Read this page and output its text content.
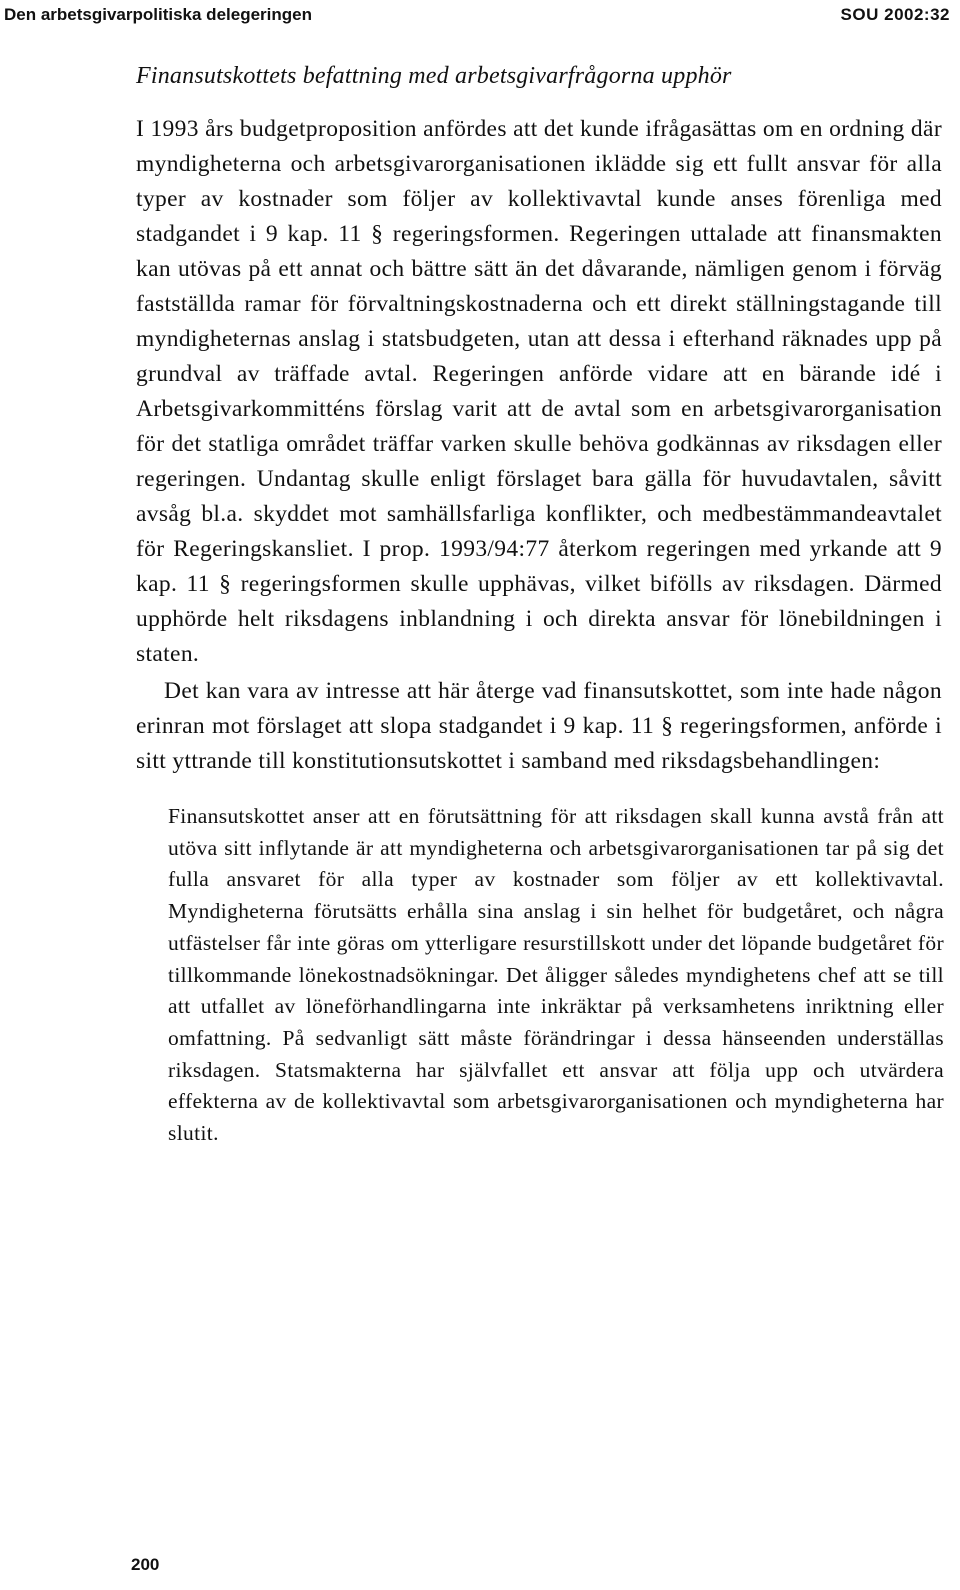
Den arbetsgivarpolitiska delegeringen	SOU 2002:32
Finansutskottets befattning med arbetsgivarfrågorna upphör

I 1993 års budgetproposition anfördes att det kunde ifrågasättas om en ordning där myndigheterna och arbetsgivarorganisationen iklädde sig ett fullt ansvar för alla typer av kostnader som följer av kollektivavtal kunde anses förenliga med stadgandet i 9 kap. 11 § regeringsformen. Regeringen uttalade att finansmakten kan utövas på ett annat och bättre sätt än det dåvarande, nämligen genom i förväg fastställda ramar för förvaltningskostnaderna och ett direkt ställningstagande till myndigheternas anslag i statsbudgeten, utan att dessa i efterhand räknades upp på grundval av träffade avtal. Regeringen anförde vidare att en bärande idé i Arbetsgivarkommitténs förslag varit att de avtal som en arbetsgivarorganisation för det statliga området träffar varken skulle behöva godkännas av riksdagen eller regeringen. Undantag skulle enligt förslaget bara gälla för huvudavtalen, såvitt avsåg bl.a. skyddet mot samhällsfarliga konflikter, och medbestämmandeavtalet för Regeringskansliet. I prop. 1993/94:77 återkom regeringen med yrkande att 9 kap. 11 § regeringsformen skulle upphävas, vilket bifölls av riksdagen. Därmed upphörde helt riksdagens inblandning i och direkta ansvar för lönebildningen i staten.

Det kan vara av intresse att här återge vad finansutskottet, som inte hade någon erinran mot förslaget att slopa stadgandet i 9 kap. 11 § regeringsformen, anförde i sitt yttrande till konstitutionsutskottet i samband med riksdagsbehandlingen:

Finansutskottet anser att en förutsättning för att riksdagen skall kunna avstå från att utöva sitt inflytande är att myndigheterna och arbetsgivarorganisationen tar på sig det fulla ansvaret för alla typer av kostnader som följer av ett kollektivavtal. Myndigheterna förutsätts erhålla sina anslag i sin helhet för budgetåret, och några utfästelser får inte göras om ytterligare resurstillskott under det löpande budgetåret för tillkommande lönekostnadsökningar. Det åligger således myndighetens chef att se till att utfallet av löneförhandlingarna inte inkräktar på verksamhetens inriktning eller omfattning. På sedvanligt sätt måste förändringar i dessa hänseenden underställas riksdagen. Statsmakterna har självfallet ett ansvar att följa upp och utvärdera effekterna av de kollektivavtal som arbetsgivarorganisationen och myndigheterna har slutit.
200
